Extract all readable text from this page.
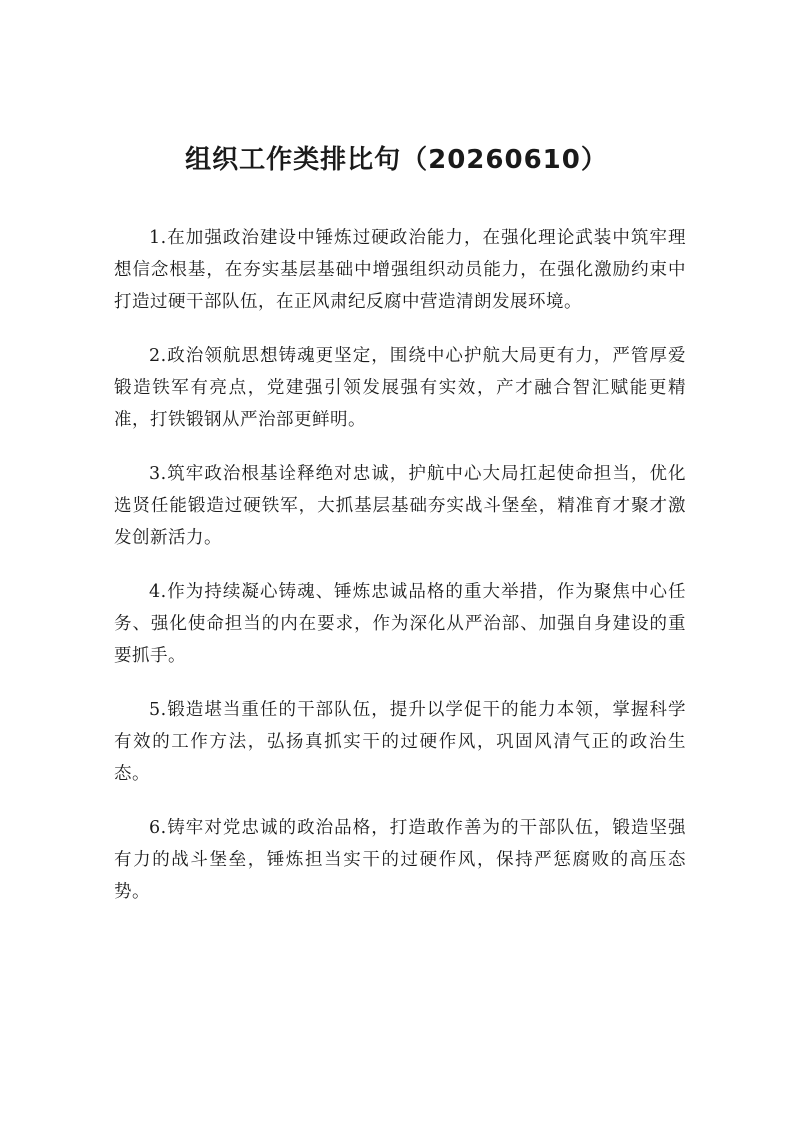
组织工作类排比句（20260610）

1.在加强政治建设中锤炼过硬政治能力，在强化理论武装中筑牢理想信念根基，在夯实基层基础中增强组织动员能力，在强化激励约束中打造过硬干部队伍，在正风肃纪反腐中营造清朗发展环境。

2.政治领航思想铸魂更坚定，围绕中心护航大局更有力，严管厚爱锻造铁军有亮点，党建强引领发展强有实效，产才融合智汇赋能更精准，打铁锻钢从严治部更鲜明。

3.筑牢政治根基诠释绝对忠诚，护航中心大局扛起使命担当，优化选贤任能锻造过硬铁军，大抓基层基础夯实战斗堡垒，精准育才聚才激发创新活力。

4.作为持续凝心铸魂、锤炼忠诚品格的重大举措，作为聚焦中心任务、强化使命担当的内在要求，作为深化从严治部、加强自身建设的重要抓手。

5.锻造堪当重任的干部队伍，提升以学促干的能力本领，掌握科学有效的工作方法，弘扬真抓实干的过硬作风，巩固风清气正的政治生态。

6.铸牢对党忠诚的政治品格，打造敢作善为的干部队伍，锻造坚强有力的战斗堡垒，锤炼担当实干的过硬作风，保持严惩腐败的高压态势。
